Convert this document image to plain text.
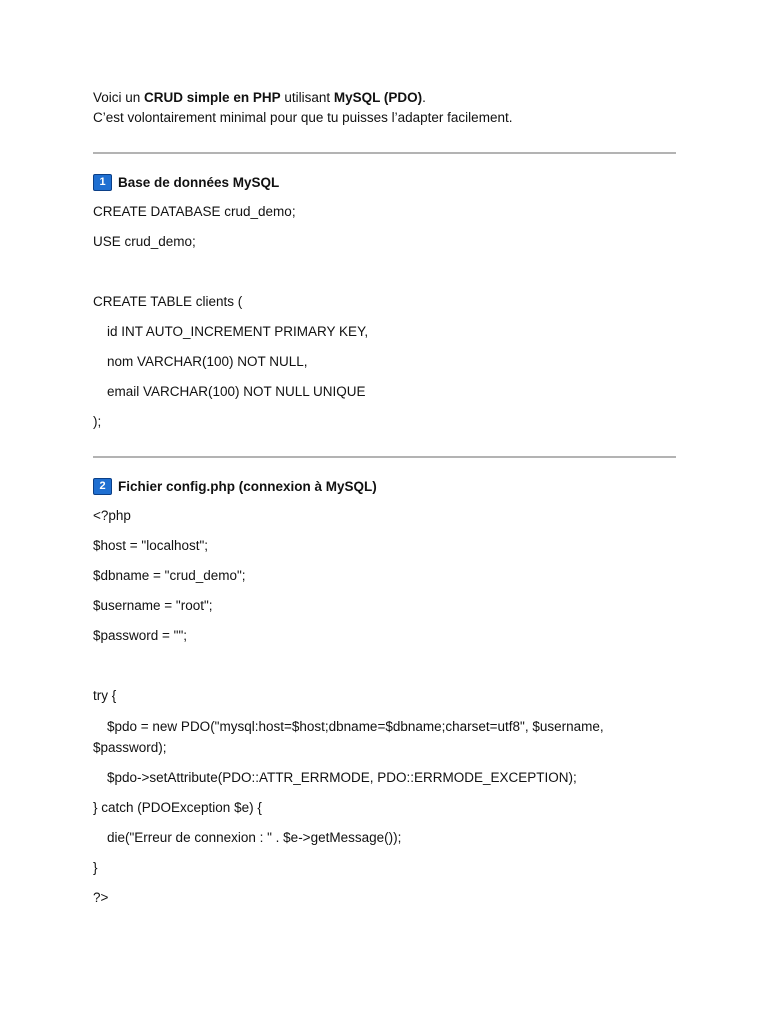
Voici un CRUD simple en PHP utilisant MySQL (PDO).

C’est volontairement minimal pour que tu puisses l’adapter facilement.

1 Base de données MySQL

CREATE DATABASE crud_demo;

USE crud_demo;

CREATE TABLE clients (

id INT AUTO_INCREMENT PRIMARY KEY,

nom VARCHAR(100) NOT NULL,

email VARCHAR(100) NOT NULL UNIQUE

);

2 Fichier config.php (connexion à MySQL)

<?php

$host = "localhost";

$dbname = "crud_demo";

$username = "root";

$password = "";

try {

$pdo = new PDO("mysql:host=$host;dbname=$dbname;charset=utf8", $username,
$password);

$pdo->setAttribute(PDO::ATTR_ERRMODE, PDO::ERRMODE_EXCEPTION);

} catch (PDOException $e) {

die("Erreur de connexion : " . $e->getMessage());

}

?>
